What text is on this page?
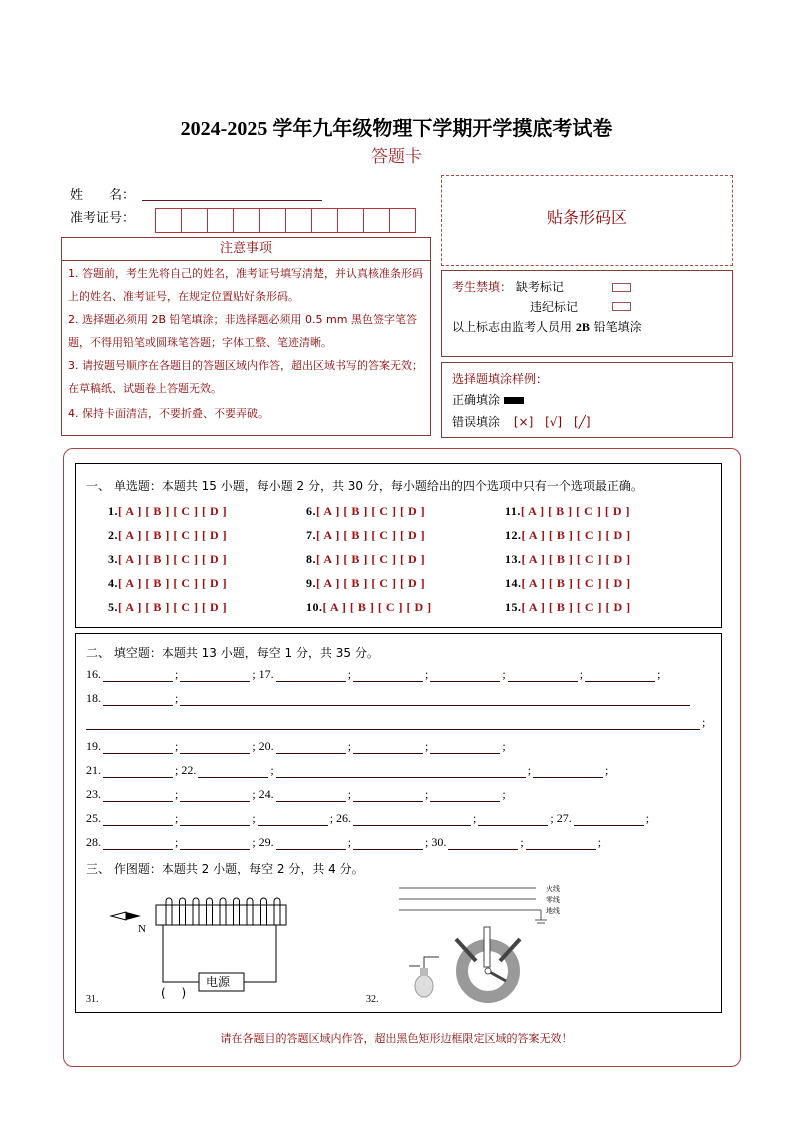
2024-2025 学年九年级物理下学期开学摸底考试卷
答题卡
姓　　名：
准考证号：
注意事项
1. 答题前，考生先将自己的姓名，准考证号填写清楚，并认真核准条形码上的姓名、准考证号，在规定位置贴好条形码。
2. 选择题必须用 2B 铅笔填涂；非选择题必须用 0.5 mm 黑色签字笔答题，不得用铅笔或圆珠笔答题；字体工整、笔迹清晰。
3. 请按题号顺序在各题目的答题区域内作答，超出区域书写的答案无效；在草稿纸、试题卷上答题无效。
4. 保持卡面清洁，不要折叠、不要弄破。
贴条形码区
考生禁填： 缺考标记
违纪标记
以上标志由监考人员用 2B 铅笔填涂
选择题填涂样例：
正确填涂
错误填涂 [×] [√] [╱]
一、 单选题：本题共 15 小题，每小题 2 分，共 30 分，每小题给出的四个选项中只有一个选项最正确。
1.[ A ] [ B ] [ C ] [ D ]
2.[ A ] [ B ] [ C ] [ D ]
3.[ A ] [ B ] [ C ] [ D ]
4.[ A ] [ B ] [ C ] [ D ]
5.[ A ] [ B ] [ C ] [ D ]
6.[ A ] [ B ] [ C ] [ D ]
7.[ A ] [ B ] [ C ] [ D ]
8.[ A ] [ B ] [ C ] [ D ]
9.[ A ] [ B ] [ C ] [ D ]
10.[ A ] [ B ] [ C ] [ D ]
11.[ A ] [ B ] [ C ] [ D ]
12.[ A ] [ B ] [ C ] [ D ]
13.[ A ] [ B ] [ C ] [ D ]
14.[ A ] [ B ] [ C ] [ D ]
15.[ A ] [ B ] [ C ] [ D ]
二、 填空题：本题共 13 小题，每空 1 分，共 35 分。
三、 作图题：本题共 2 小题，每空 2 分，共 4 分。
N
电源
(　 )
31.
火线
零线
地线
32.
16.	;	; 17.	;	;	;	;	;
18.	;
;
19.	;	; 20.	;	;	;
21.	; 22.	;	;	;
23.	;	; 24.	;	;	;
25.	;	;	; 26.	;	; 27.	;
28.	;	; 29.	;	; 30.	;	;
请在各题目的答题区域内作答，超出黑色矩形边框限定区域的答案无效！
